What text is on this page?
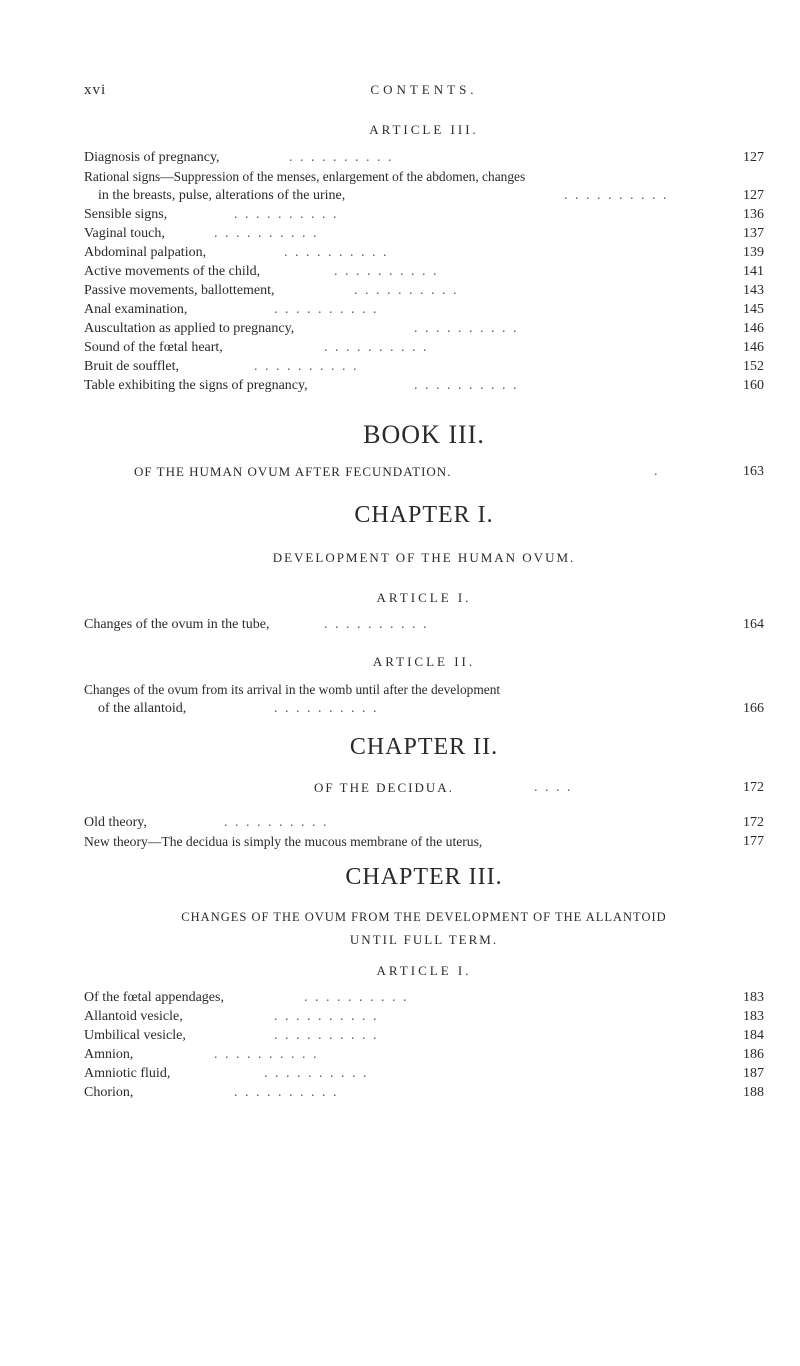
xvi	CONTENTS.
ARTICLE III.
Diagnosis of pregnancy,	. . . . . . . . . .	127
Rational signs—Suppression of the menses, enlargement of the abdomen, changes
in the breasts, pulse, alterations of the urine,	. . . . . . . . . .	127
Sensible signs,	. . . . . . . . . .	136
Vaginal touch,	. . . . . . . . . .	137
Abdominal palpation,	. . . . . . . . . .	139
Active movements of the child,	. . . . . . . . . .	141
Passive movements, ballottement,	. . . . . . . . . .	143
Anal examination,	. . . . . . . . . .	145
Auscultation as applied to pregnancy,	. . . . . . . . . .	146
Sound of the fœtal heart,	. . . . . . . . . .	146
Bruit de soufflet,	. . . . . . . . . .	152
Table exhibiting the signs of pregnancy,	. . . . . . . . . .	160
BOOK III.
OF THE HUMAN OVUM AFTER FECUNDATION.	.	163
CHAPTER I.
DEVELOPMENT OF THE HUMAN OVUM.
ARTICLE I.
Changes of the ovum in the tube,	. . . . . . . . . .	164
ARTICLE II.
Changes of the ovum from its arrival in the womb until after the development
of the allantoid,	. . . . . . . . . .	166
CHAPTER II.
OF THE DECIDUA.	. . . .	172
Old theory,	. . . . . . . . . .	172
New theory—The decidua is simply the mucous membrane of the uterus,	177
CHAPTER III.
CHANGES OF THE OVUM FROM THE DEVELOPMENT OF THE ALLANTOID
UNTIL FULL TERM.
ARTICLE I.
Of the fœtal appendages,	. . . . . . . . . .	183
Allantoid vesicle,	. . . . . . . . . .	183
Umbilical vesicle,	. . . . . . . . . .	184
Amnion,	. . . . . . . . . .	186
Amniotic fluid,	. . . . . . . . . .	187
Chorion,	. . . . . . . . . .	188
